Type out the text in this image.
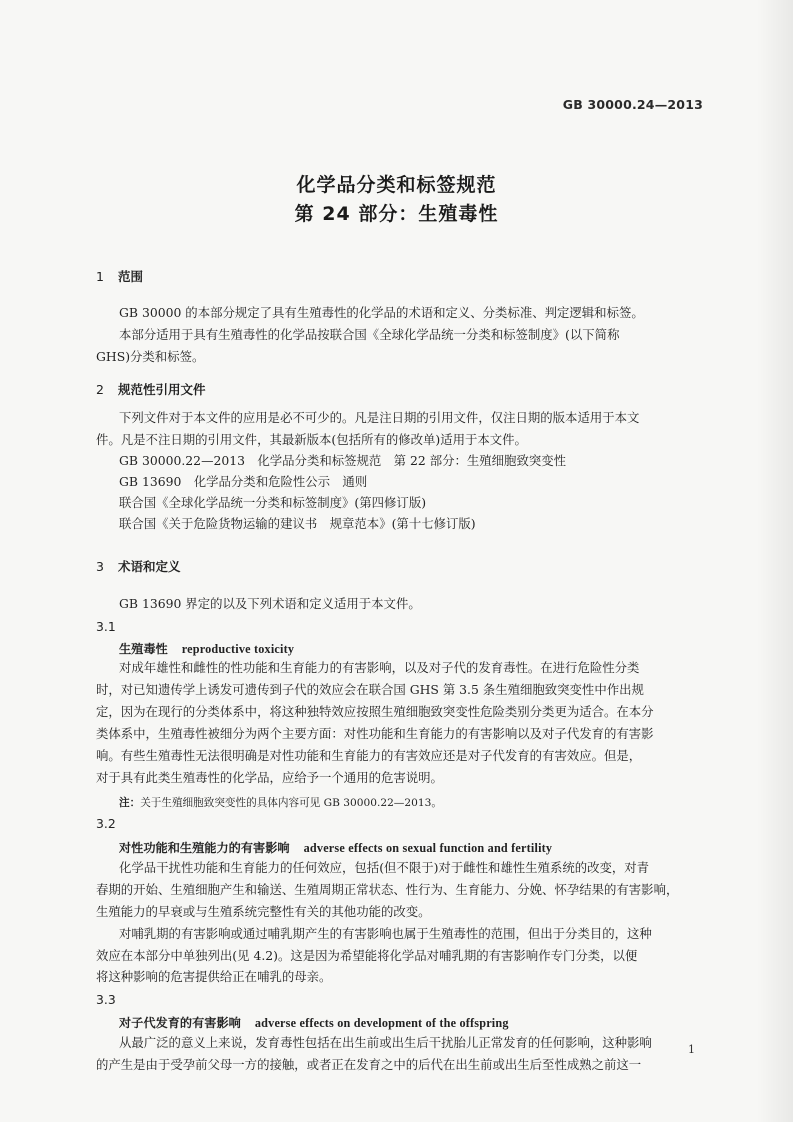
GB 30000.24—2013
化学品分类和标签规范
第 24 部分：生殖毒性
1 范围
GB 30000 的本部分规定了具有生殖毒性的化学品的术语和定义、分类标准、判定逻辑和标签。
本部分适用于具有生殖毒性的化学品按联合国《全球化学品统一分类和标签制度》(以下简称
GHS)分类和标签。
2 规范性引用文件
下列文件对于本文件的应用是必不可少的。凡是注日期的引用文件，仅注日期的版本适用于本文
件。凡是不注日期的引用文件，其最新版本(包括所有的修改单)适用于本文件。
GB 30000.22—2013　化学品分类和标签规范　第 22 部分：生殖细胞致突变性
GB 13690　化学品分类和危险性公示　通则
联合国《全球化学品统一分类和标签制度》(第四修订版)
联合国《关于危险货物运输的建议书　规章范本》(第十七修订版)
3 术语和定义
GB 13690 界定的以及下列术语和定义适用于本文件。
3.1
生殖毒性 reproductive toxicity
对成年雄性和雌性的性功能和生育能力的有害影响，以及对子代的发育毒性。在进行危险性分类
时，对已知遗传学上诱发可遗传到子代的效应会在联合国 GHS 第 3.5 条生殖细胞致突变性中作出规
定，因为在现行的分类体系中，将这种独特效应按照生殖细胞致突变性危险类别分类更为适合。在本分
类体系中，生殖毒性被细分为两个主要方面：对性功能和生育能力的有害影响以及对子代发育的有害影
响。有些生殖毒性无法很明确是对性功能和生育能力的有害效应还是对子代发育的有害效应。但是，
对于具有此类生殖毒性的化学品，应给予一个通用的危害说明。
注：关于生殖细胞致突变性的具体内容可见 GB 30000.22—2013。
3.2
对性功能和生殖能力的有害影响 adverse effects on sexual function and fertility
化学品干扰性功能和生育能力的任何效应，包括(但不限于)对于雌性和雄性生殖系统的改变，对青
春期的开始、生殖细胞产生和输送、生殖周期正常状态、性行为、生育能力、分娩、怀孕结果的有害影响，
生殖能力的早衰或与生殖系统完整性有关的其他功能的改变。
对哺乳期的有害影响或通过哺乳期产生的有害影响也属于生殖毒性的范围，但出于分类目的，这种
效应在本部分中单独列出(见 4.2)。这是因为希望能将化学品对哺乳期的有害影响作专门分类，以便
将这种影响的危害提供给正在哺乳的母亲。
3.3
对子代发育的有害影响 adverse effects on development of the offspring
从最广泛的意义上来说，发育毒性包括在出生前或出生后干扰胎儿正常发育的任何影响，这种影响
的产生是由于受孕前父母一方的接触，或者正在发育之中的后代在出生前或出生后至性成熟之前这一
1
